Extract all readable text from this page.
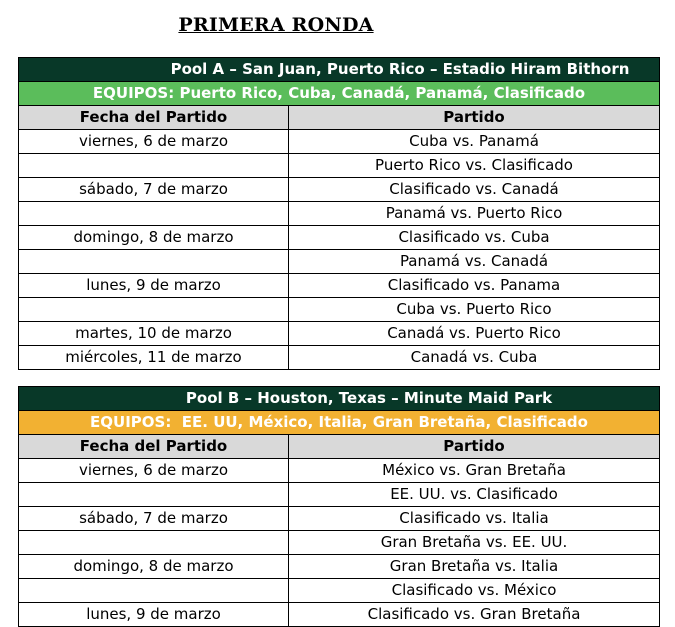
PRIMERA RONDA
Pool A – San Juan, Puerto Rico – Estadio Hiram Bithorn	
EQUIPOS: Puerto Rico, Cuba, Canadá, Panamá, Clasificado	
Fecha del Partido	Partido
viernes, 6 de marzo	Cuba vs. Panamá
	Puerto Rico vs. Clasificado
sábado, 7 de marzo	Clasificado vs. Canadá
	Panamá vs. Puerto Rico
domingo, 8 de marzo	Clasificado vs. Cuba
	Panamá vs. Canadá
lunes, 9 de marzo	Clasificado vs. Panama
	Cuba vs. Puerto Rico
martes, 10 de marzo	Canadá vs. Puerto Rico
miércoles, 11 de marzo	Canadá vs. Cuba
Pool B – Houston, Texas – Minute Maid Park	
EQUIPOS:  EE. UU, México, Italia, Gran Bretaña, Clasificado	
Fecha del Partido	Partido
viernes, 6 de marzo	México vs. Gran Bretaña
	EE. UU. vs. Clasificado
sábado, 7 de marzo	Clasificado vs. Italia
	Gran Bretaña vs. EE. UU.
domingo, 8 de marzo	Gran Bretaña vs. Italia
	Clasificado vs. México
lunes, 9 de marzo	Clasificado vs. Gran Bretaña
